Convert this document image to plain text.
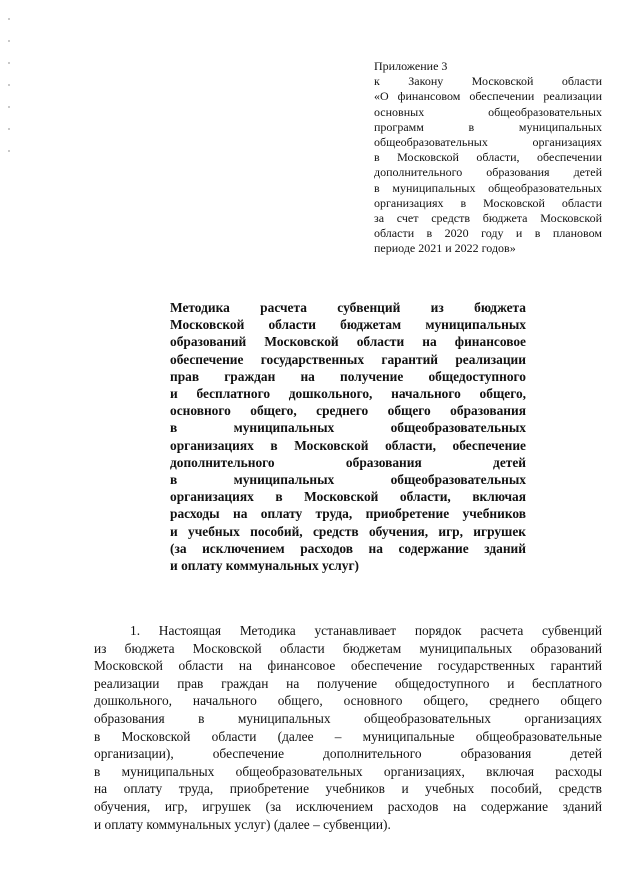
Приложение 3
к Закону Московской области
«О финансовом обеспечении реализации
основных общеобразовательных
программ в муниципальных
общеобразовательных организациях
в Московской области, обеспечении
дополнительного образования детей
в муниципальных общеобразовательных
организациях в Московской области
за счет средств бюджета Московской
области в 2020 году и в плановом
периоде 2021 и 2022 годов»
Методика расчета субвенций из бюджета
Московской области бюджетам муниципальных
образований Московской области на финансовое
обеспечение государственных гарантий реализации
прав граждан на получение общедоступного
и бесплатного дошкольного, начального общего,
основного общего, среднего общего образования
в муниципальных общеобразовательных
организациях в Московской области, обеспечение
дополнительного образования детей
в муниципальных общеобразовательных
организациях в Московской области, включая
расходы на оплату труда, приобретение учебников
и учебных пособий, средств обучения, игр, игрушек
(за исключением расходов на содержание зданий
и оплату коммунальных услуг)
1. Настоящая Методика устанавливает порядок расчета субвенций
из бюджета Московской области бюджетам муниципальных образований
Московской области на финансовое обеспечение государственных гарантий
реализации прав граждан на получение общедоступного и бесплатного
дошкольного, начального общего, основного общего, среднего общего
образования в муниципальных общеобразовательных организациях
в Московской области (далее – муниципальные общеобразовательные
организации), обеспечение дополнительного образования детей
в муниципальных общеобразовательных организациях, включая расходы
на оплату труда, приобретение учебников и учебных пособий, средств
обучения, игр, игрушек (за исключением расходов на содержание зданий
и оплату коммунальных услуг) (далее – субвенции).
